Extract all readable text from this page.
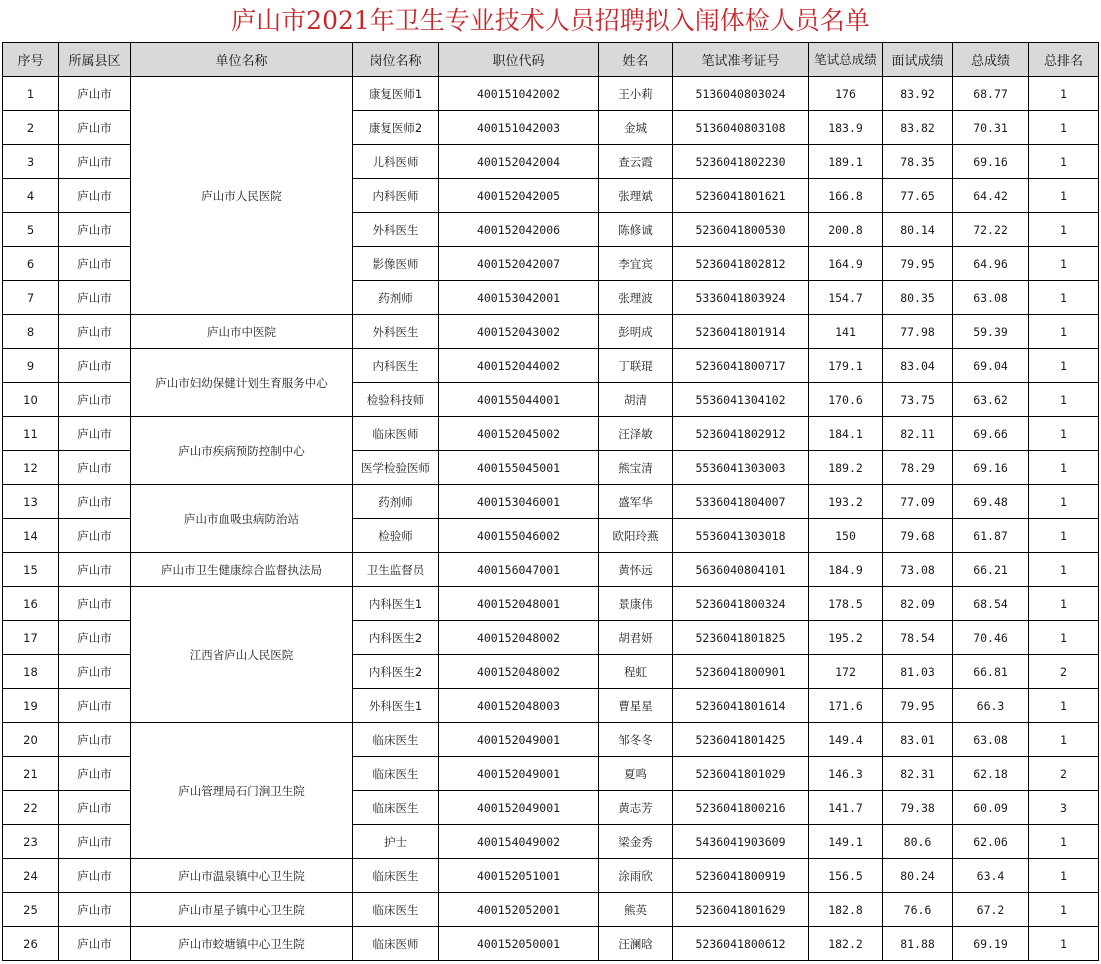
庐山市2021年卫生专业技术人员招聘拟入闱体检人员名单
序号	所属县区	单位名称	岗位名称	职位代码	姓名	笔试准考证号	笔试总成绩	面试成绩	总成绩	总排名
1	庐山市	庐山市人民医院	康复医师1	400151042002	王小莉	5136040803024	176	83.92	68.77	1
2	庐山市		康复医师2	400151042003	金城	5136040803108	183.9	83.82	70.31	1
3	庐山市		儿科医师	400152042004	查云霞	5236041802230	189.1	78.35	69.16	1
4	庐山市		内科医师	400152042005	张理斌	5236041801621	166.8	77.65	64.42	1
5	庐山市		外科医生	400152042006	陈修诚	5236041800530	200.8	80.14	72.22	1
6	庐山市		影像医师	400152042007	李宜宾	5236041802812	164.9	79.95	64.96	1
7	庐山市		药剂师	400153042001	张理波	5336041803924	154.7	80.35	63.08	1
8	庐山市	庐山市中医院	外科医生	400152043002	彭明成	5236041801914	141	77.98	59.39	1
9	庐山市	庐山市妇幼保健计划生育服务中心	内科医生	400152044002	丁联琨	5236041800717	179.1	83.04	69.04	1
10	庐山市		检验科技师	400155044001	胡清	5536041304102	170.6	73.75	63.62	1
11	庐山市	庐山市疾病预防控制中心	临床医师	400152045002	汪泽敏	5236041802912	184.1	82.11	69.66	1
12	庐山市		医学检验医师	400155045001	熊宝清	5536041303003	189.2	78.29	69.16	1
13	庐山市	庐山市血吸虫病防治站	药剂师	400153046001	盛军华	5336041804007	193.2	77.09	69.48	1
14	庐山市		检验师	400155046002	欧阳玲燕	5536041303018	150	79.68	61.87	1
15	庐山市	庐山市卫生健康综合监督执法局	卫生监督员	400156047001	黄怀远	5636040804101	184.9	73.08	66.21	1
16	庐山市	江西省庐山人民医院	内科医生1	400152048001	景康伟	5236041800324	178.5	82.09	68.54	1
17	庐山市		内科医生2	400152048002	胡君妍	5236041801825	195.2	78.54	70.46	1
18	庐山市		内科医生2	400152048002	程虹	5236041800901	172	81.03	66.81	2
19	庐山市		外科医生1	400152048003	曹星星	5236041801614	171.6	79.95	66.3	1
20	庐山市	庐山管理局石门涧卫生院	临床医生	400152049001	邹冬冬	5236041801425	149.4	83.01	63.08	1
21	庐山市		临床医生	400152049001	夏鸣	5236041801029	146.3	82.31	62.18	2
22	庐山市		临床医生	400152049001	黄志芳	5236041800216	141.7	79.38	60.09	3
23	庐山市		护士	400154049002	梁金秀	5436041903609	149.1	80.6	62.06	1
24	庐山市	庐山市温泉镇中心卫生院	临床医生	400152051001	涂雨欣	5236041800919	156.5	80.24	63.4	1
25	庐山市	庐山市星子镇中心卫生院	临床医生	400152052001	熊英	5236041801629	182.8	76.6	67.2	1
26	庐山市	庐山市蛟塘镇中心卫生院	临床医师	400152050001	汪澜晗	5236041800612	182.2	81.88	69.19	1
